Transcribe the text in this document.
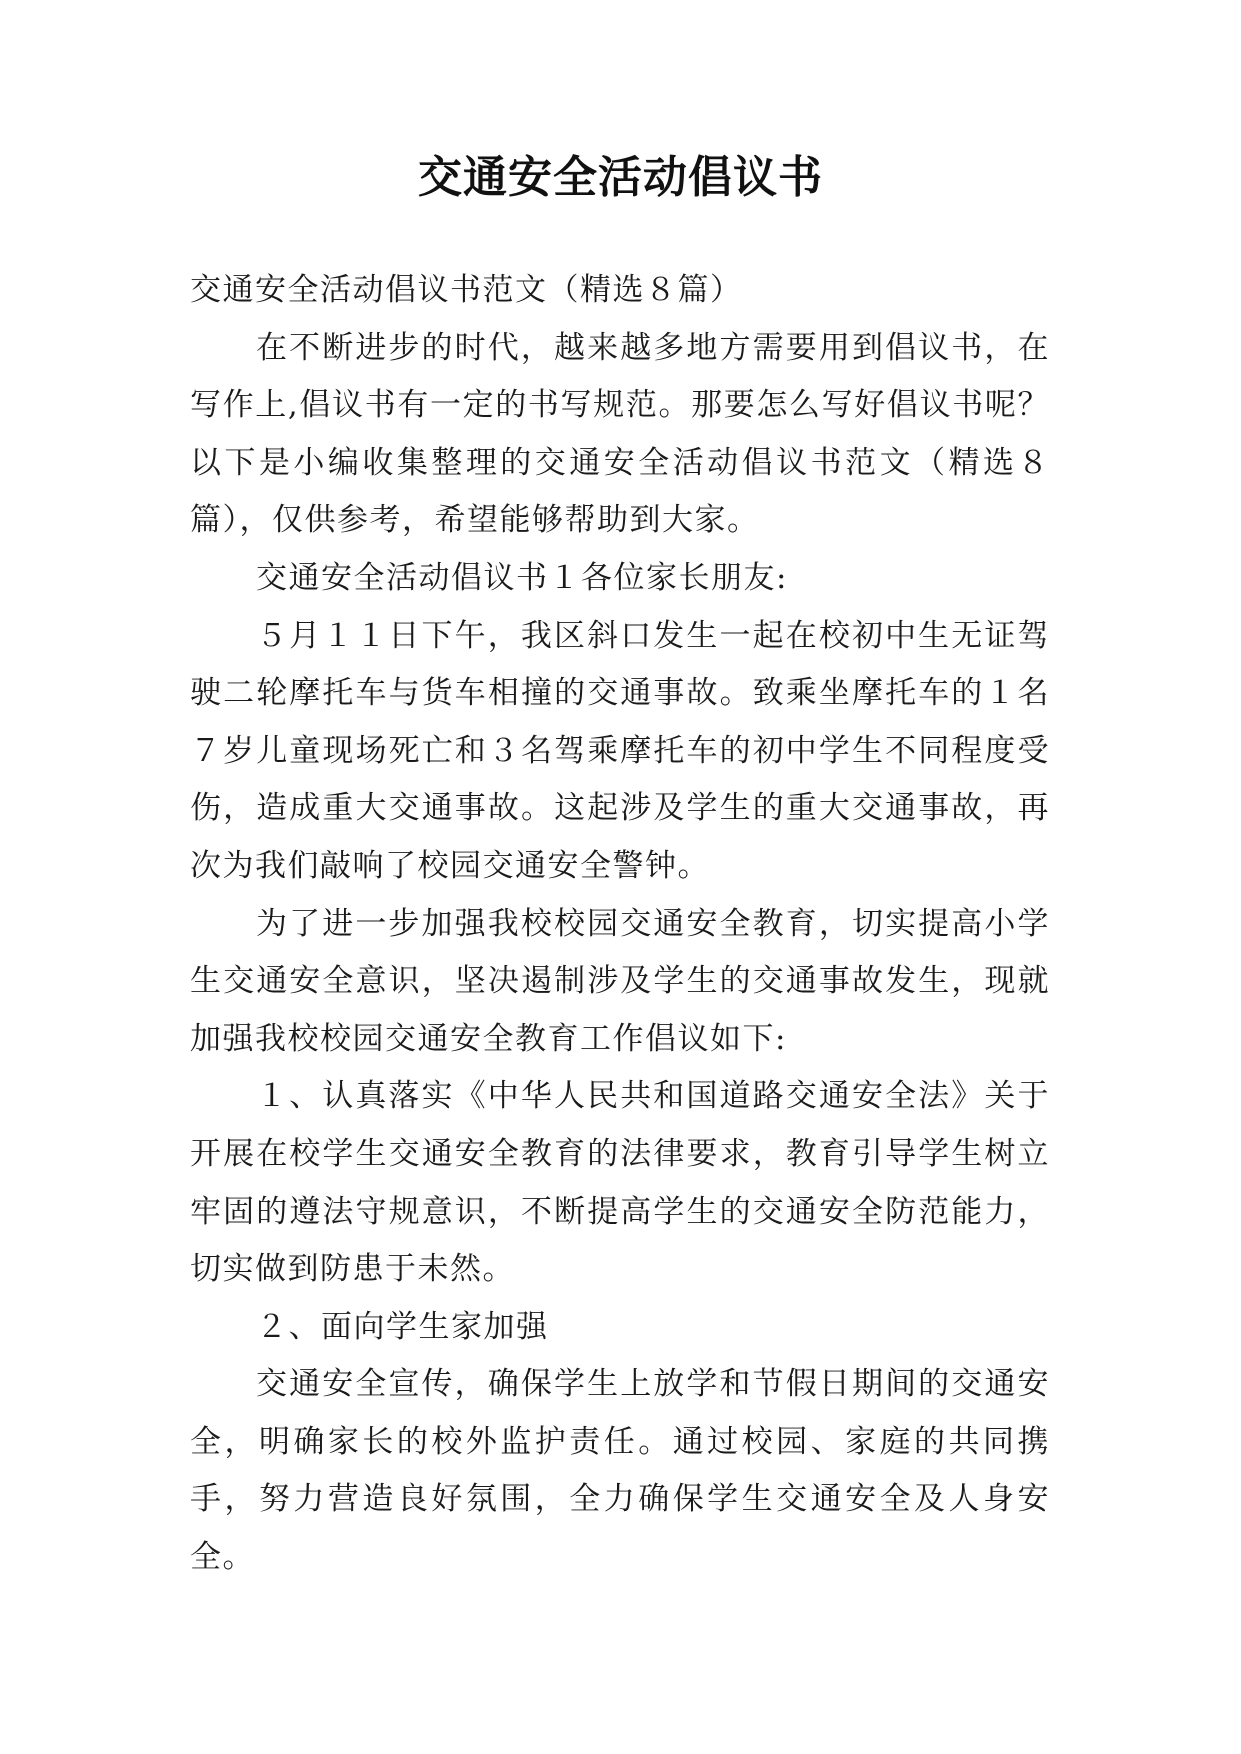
交通安全活动倡议书

交通安全活动倡议书范文（精选８篇）

在不断进步的时代，越来越多地方需要用到倡议书，在写作上,倡议书有一定的书写规范。那要怎么写好倡议书呢？以下是小编收集整理的交通安全活动倡议书范文（精选８篇），仅供参考，希望能够帮助到大家。

交通安全活动倡议书１各位家长朋友:

５月１１日下午，我区斜口发生一起在校初中生无证驾驶二轮摩托车与货车相撞的交通事故。致乘坐摩托车的１名７岁儿童现场死亡和３名驾乘摩托车的初中学生不同程度受伤，造成重大交通事故。这起涉及学生的重大交通事故，再次为我们敲响了校园交通安全警钟。

为了进一步加强我校校园交通安全教育，切实提高小学生交通安全意识，坚决遏制涉及学生的交通事故发生，现就加强我校校园交通安全教育工作倡议如下:

１、认真落实《中华人民共和国道路交通安全法》关于开展在校学生交通安全教育的法律要求，教育引导学生树立牢固的遵法守规意识，不断提高学生的交通安全防范能力，切实做到防患于未然。

２、面向学生家加强

交通安全宣传，确保学生上放学和节假日期间的交通安全，明确家长的校外监护责任。通过校园、家庭的共同携手，努力营造良好氛围，全力确保学生交通安全及人身安全。
